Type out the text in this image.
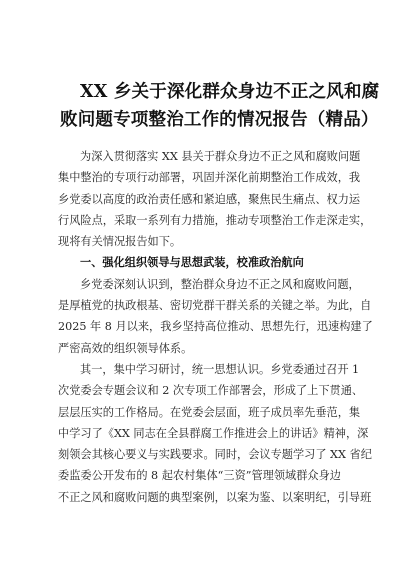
XX 乡关于深化群众身边不正之风和腐
败问题专项整治工作的情况报告（精品）

为深入贯彻落实 XX 县关于群众身边不正之风和腐败问题
集中整治的专项行动部署，巩固并深化前期整治工作成效，我
乡党委以高度的政治责任感和紧迫感，聚焦民生痛点、权力运
行风险点，采取一系列有力措施，推动专项整治工作走深走实，
现将有关情况报告如下。

一、强化组织领导与思想武装，校准政治航向

乡党委深刻认识到，整治群众身边不正之风和腐败问题，
是厚植党的执政根基、密切党群干群关系的关键之举。为此，自
2025 年 8 月以来，我乡坚持高位推动、思想先行，迅速构建了
严密高效的组织领导体系。

其一，集中学习研讨，统一思想认识。乡党委通过召开 1
次党委会专题会议和 2 次专项工作部署会，形成了上下贯通、
层层压实的工作格局。在党委会层面，班子成员率先垂范，集
中学习了《XX 同志在全县群腐工作推进会上的讲话》精神，深
刻领会其核心要义与实践要求。同时，会议专题学习了 XX 省纪
委监委公开发布的 8 起农村集体“三资”管理领域群众身边
不正之风和腐败问题的典型案例，以案为鉴、以案明纪，引导班
